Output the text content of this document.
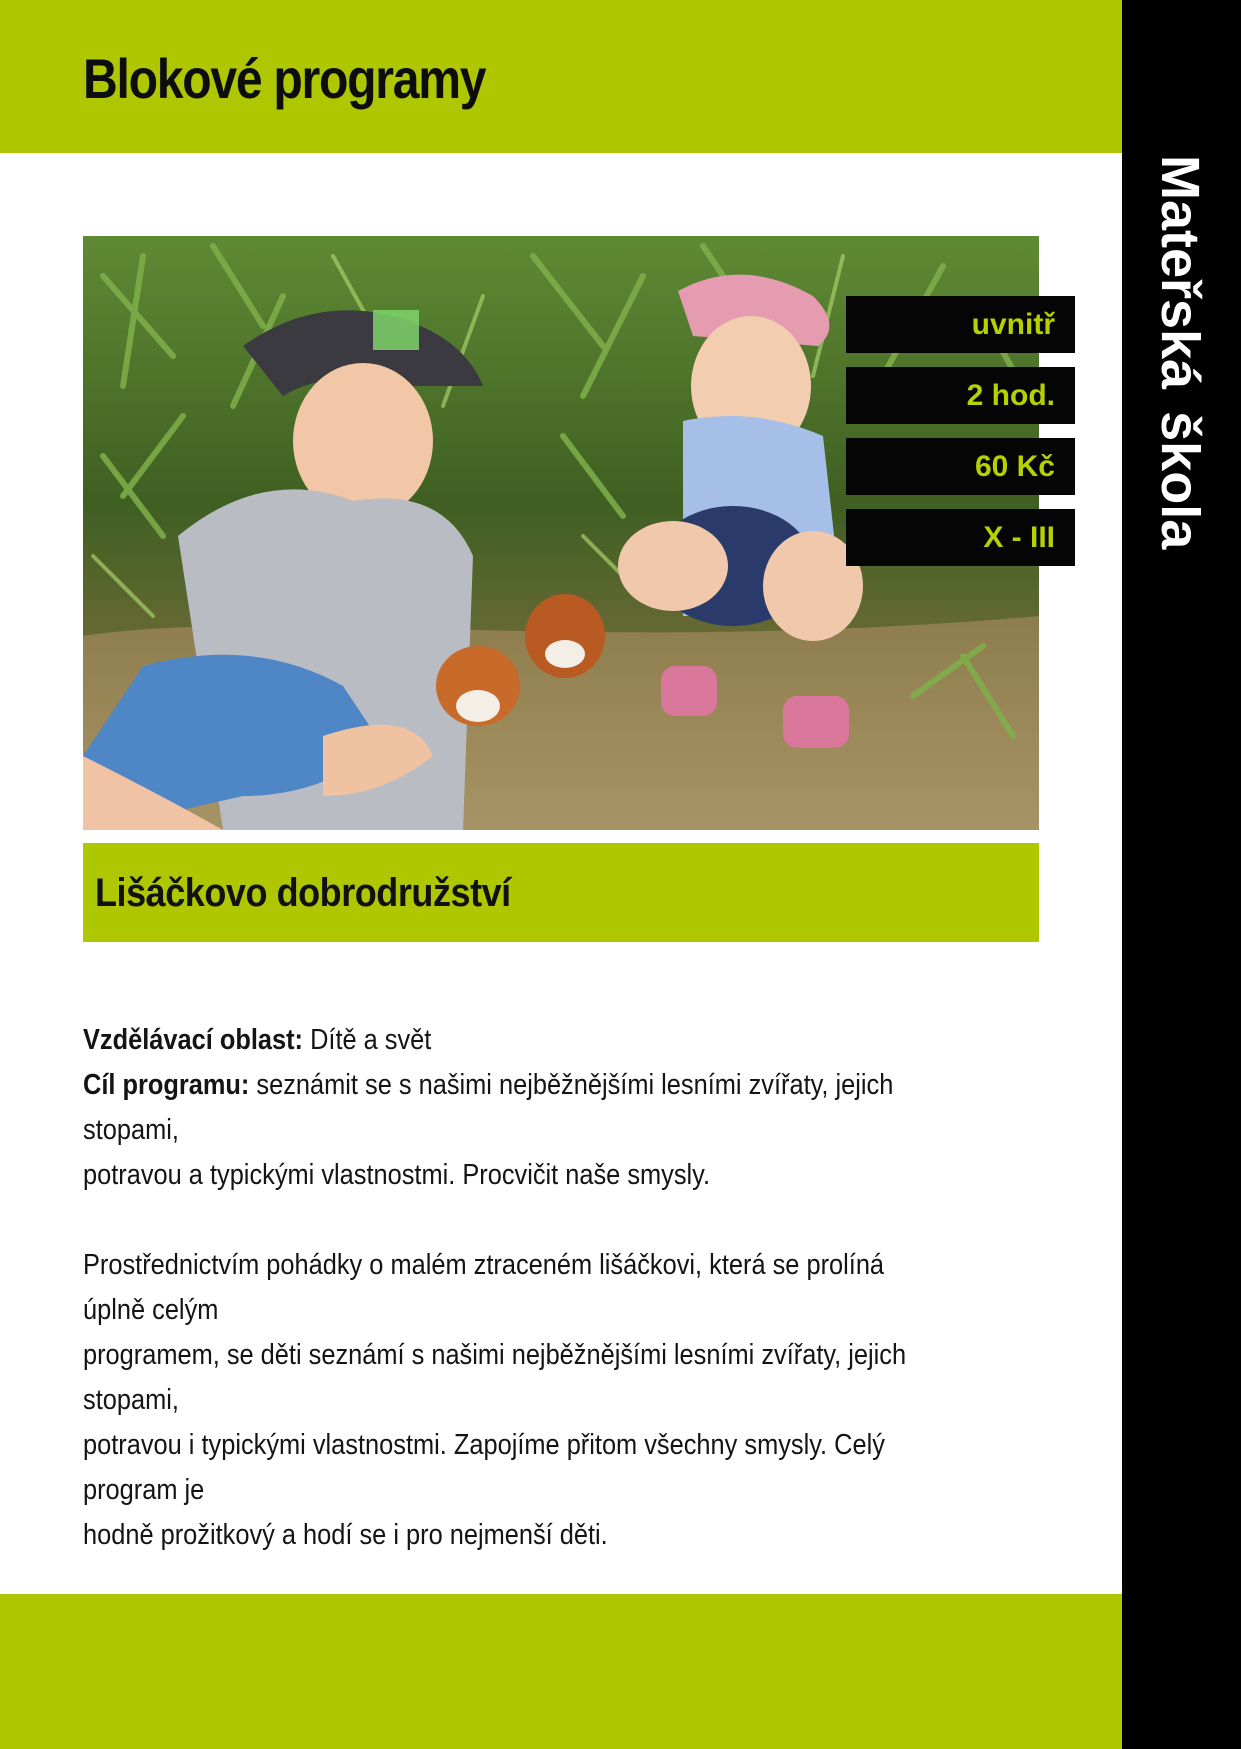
Blokové programy
Mateřskáškola
uvnitř
2 hod.
60 Kč
X - III
Lišáčkovo dobrodružství

Vzdělávací oblast: Dítě a svět

Cíl programu: seznámit se s našimi nejběžnějšími lesními zvířaty, jejich stopami,

potravou a typickými vlastnostmi. Procvičit naše smysly.

Prostřednictvím pohádky o malém ztraceném lišáčkovi, která se prolíná úplně celým

programem, se děti seznámí s našimi nejběžnějšími lesními zvířaty, jejich stopami,

potravou i typickými vlastnostmi. Zapojíme přitom všechny smysly. Celý program je

hodně prožitkový a hodí se i pro nejmenší děti.
